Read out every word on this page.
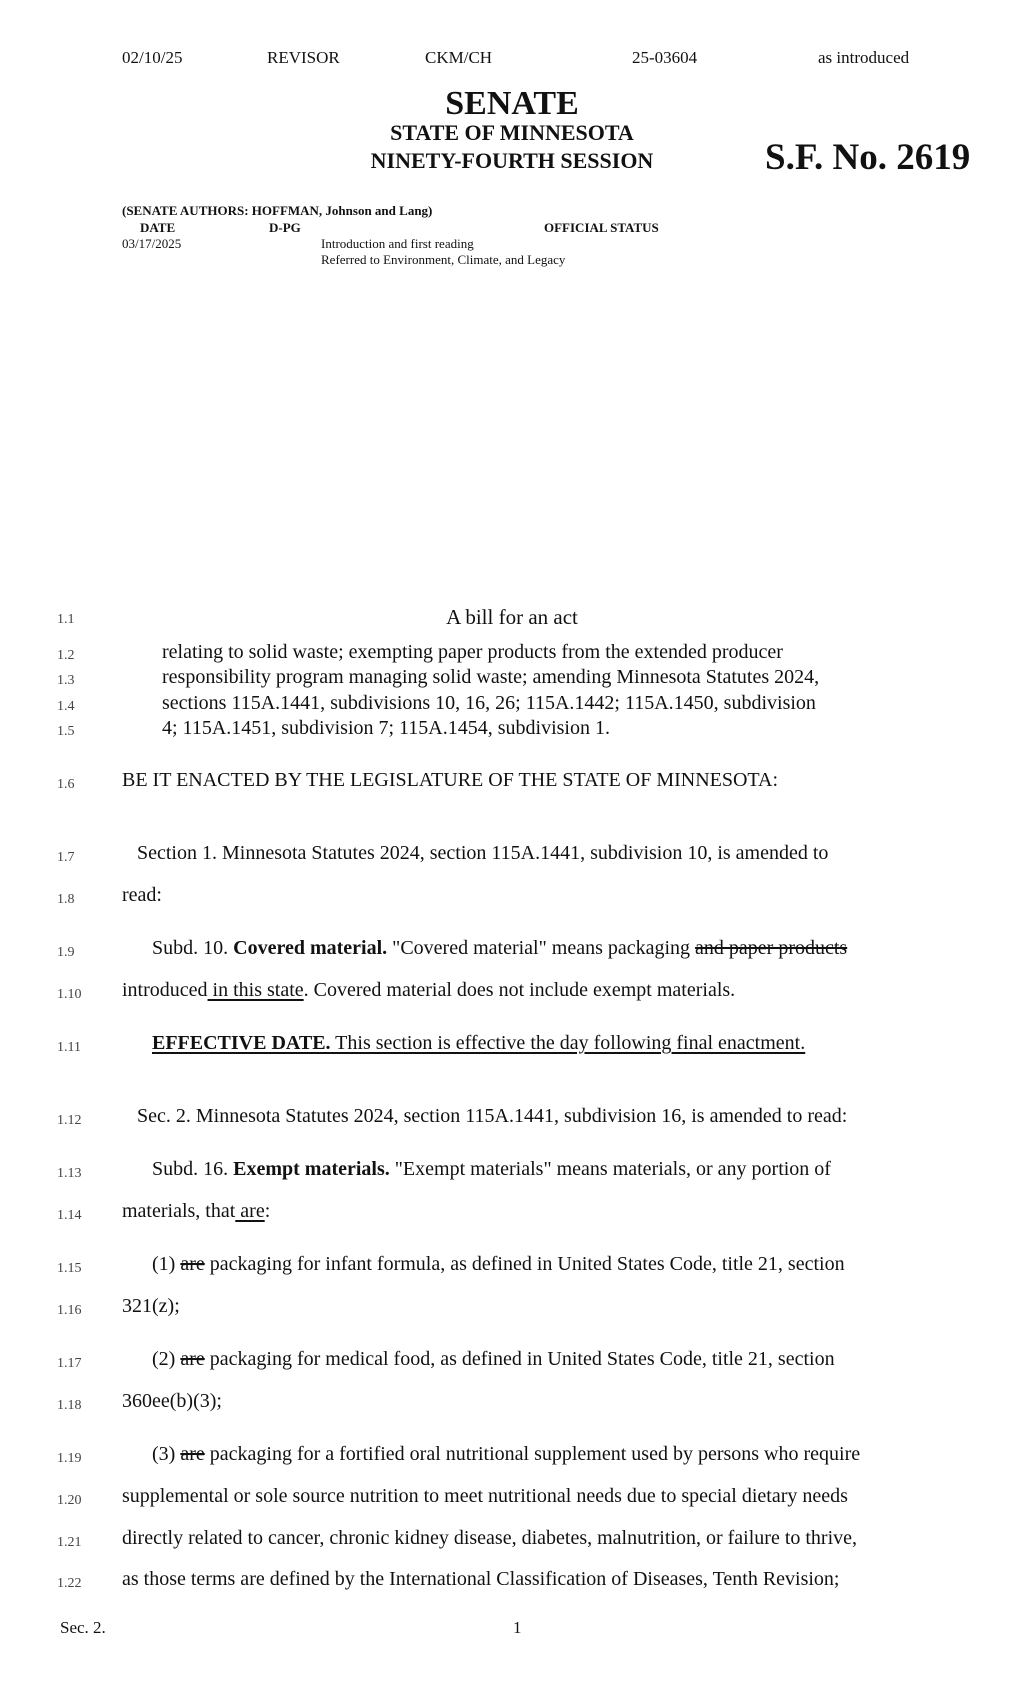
02/10/25	REVISOR	CKM/CH	25-03604	as introduced
SENATE
STATE OF MINNESOTA
NINETY-FOURTH SESSION	S.F. No. 2619
(SENATE AUTHORS: HOFFMAN, Johnson and Lang)
DATE	D-PG	OFFICIAL STATUS
03/17/2025	Introduction and first reading
Referred to Environment, Climate, and Legacy
1.1
1.2
1.3
1.4
1.5
1.6
1.7
1.8
1.9
1.10
1.11
1.12
1.13
1.14
1.15
1.16
1.17
1.18
1.19
1.20
1.21
1.22
A bill for an act
relating to solid waste; exempting paper products from the extended producer
responsibility program managing solid waste; amending Minnesota Statutes 2024,
sections 115A.1441, subdivisions 10, 16, 26; 115A.1442; 115A.1450, subdivision
4; 115A.1451, subdivision 7; 115A.1454, subdivision 1.
BE IT ENACTED BY THE LEGISLATURE OF THE STATE OF MINNESOTA:
Section 1. Minnesota Statutes 2024, section 115A.1441, subdivision 10, is amended to
read:
Subd. 10. Covered material. "Covered material" means packaging and paper products
introduced in this state. Covered material does not include exempt materials.
EFFECTIVE DATE. This section is effective the day following final enactment.
Sec. 2. Minnesota Statutes 2024, section 115A.1441, subdivision 16, is amended to read:
Subd. 16. Exempt materials. "Exempt materials" means materials, or any portion of
materials, that are:
(1) are packaging for infant formula, as defined in United States Code, title 21, section
321(z);
(2) are packaging for medical food, as defined in United States Code, title 21, section
360ee(b)(3);
(3) are packaging for a fortified oral nutritional supplement used by persons who require
supplemental or sole source nutrition to meet nutritional needs due to special dietary needs
directly related to cancer, chronic kidney disease, diabetes, malnutrition, or failure to thrive,
as those terms are defined by the International Classification of Diseases, Tenth Revision;
Sec. 2.	1
